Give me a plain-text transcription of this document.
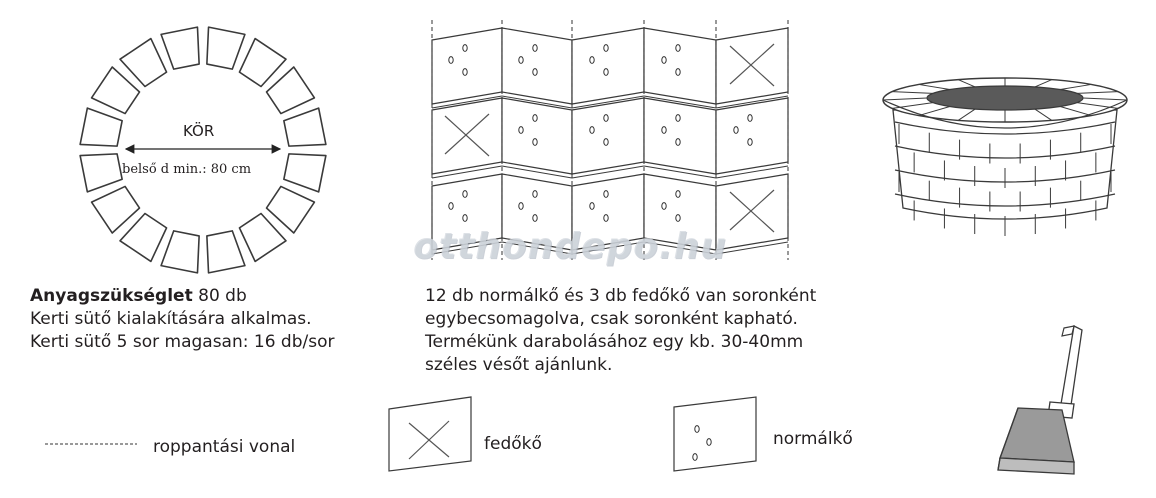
KÖR
belső d min.: 80 cm
otthondepo.hu
Anyagszükséglet 80 db
Kerti sütő kialakítására alkalmas.
Kerti sütő 5 sor magasan: 16 db/sor
12 db normálkő és 3 db fedőkő van soronként
egybecsomagolva, csak soronként kapható.
Termékünk darabolásához egy kb. 30-40mm
széles vésőt ajánlunk.
roppantási vonal	fedőkő	normálkő
